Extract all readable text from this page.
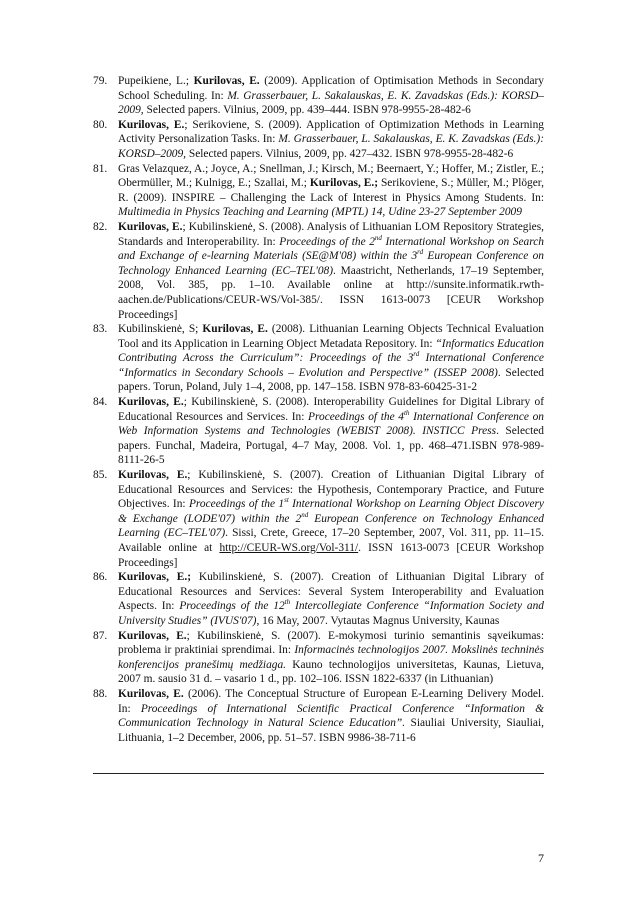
79. Pupeikiene, L.; Kurilovas, E. (2009). Application of Optimisation Methods in Secondary School Scheduling. In: M. Grasserbauer, L. Sakalauskas, E. K. Zavadskas (Eds.): KORSD–2009, Selected papers. Vilnius, 2009, pp. 439–444. ISBN 978-9955-28-482-6
80. Kurilovas, E.; Serikoviene, S. (2009). Application of Optimization Methods in Learning Activity Personalization Tasks. In: M. Grasserbauer, L. Sakalauskas, E. K. Zavadskas (Eds.): KORSD–2009, Selected papers. Vilnius, 2009, pp. 427–432. ISBN 978-9955-28-482-6
81. Gras Velazquez, A.; Joyce, A.; Snellman, J.; Kirsch, M.; Beernaert, Y.; Hoffer, M.; Zistler, E.; Obermüller, M.; Kulnigg, E.; Szallai, M.; Kurilovas, E.; Serikoviene, S.; Müller, M.; Plöger, R. (2009). INSPIRE – Challenging the Lack of Interest in Physics Among Students. In: Multimedia in Physics Teaching and Learning (MPTL) 14, Udine 23-27 September 2009
82. Kurilovas, E.; Kubilinskienė, S. (2008). Analysis of Lithuanian LOM Repository Strategies, Standards and Interoperability. In: Proceedings of the 2nd International Workshop on Search and Exchange of e-learning Materials (SE@M'08) within the 3rd European Conference on Technology Enhanced Learning (EC–TEL'08). Maastricht, Netherlands, 17–19 September, 2008, Vol. 385, pp. 1–10. Available online at http://sunsite.informatik.rwth-aachen.de/Publications/CEUR-WS/Vol-385/. ISSN 1613-0073 [CEUR Workshop Proceedings]
83. Kubilinskienė, S; Kurilovas, E. (2008). Lithuanian Learning Objects Technical Evaluation Tool and its Application in Learning Object Metadata Repository. In: “Informatics Education Contributing Across the Curriculum”: Proceedings of the 3rd International Conference “Informatics in Secondary Schools – Evolution and Perspective” (ISSEP 2008). Selected papers. Torun, Poland, July 1–4, 2008, pp. 147–158. ISBN 978-83-60425-31-2
84. Kurilovas, E.; Kubilinskienė, S. (2008). Interoperability Guidelines for Digital Library of Educational Resources and Services. In: Proceedings of the 4th International Conference on Web Information Systems and Technologies (WEBIST 2008). INSTICC Press. Selected papers. Funchal, Madeira, Portugal, 4–7 May, 2008. Vol. 1, pp. 468–471.ISBN 978-989-8111-26-5
85. Kurilovas, E.; Kubilinskienė, S. (2007). Creation of Lithuanian Digital Library of Educational Resources and Services: the Hypothesis, Contemporary Practice, and Future Objectives. In: Proceedings of the 1st International Workshop on Learning Object Discovery & Exchange (LODE'07) within the 2nd European Conference on Technology Enhanced Learning (EC–TEL'07). Sissi, Crete, Greece, 17–20 September, 2007, Vol. 311, pp. 11–15. Available online at http://CEUR-WS.org/Vol-311/. ISSN 1613-0073 [CEUR Workshop Proceedings]
86. Kurilovas, E.; Kubilinskienė, S. (2007). Creation of Lithuanian Digital Library of Educational Resources and Services: Several System Interoperability and Evaluation Aspects. In: Proceedings of the 12th Intercollegiate Conference “Information Society and University Studies” (IVUS'07), 16 May, 2007. Vytautas Magnus University, Kaunas
87. Kurilovas, E.; Kubilinskienė, S. (2007). E-mokymosi turinio semantinis sąveikumas: problema ir praktiniai sprendimai. In: Informacinės technologijos 2007. Mokslinės techninės konferencijos pranešimų medžiaga. Kauno technologijos universitetas, Kaunas, Lietuva, 2007 m. sausio 31 d. – vasario 1 d., pp. 102–106. ISSN 1822-6337 (in Lithuanian)
88. Kurilovas, E. (2006). The Conceptual Structure of European E-Learning Delivery Model. In: Proceedings of International Scientific Practical Conference “Information & Communication Technology in Natural Science Education”. Siauliai University, Siauliai, Lithuania, 1–2 December, 2006, pp. 51–57. ISBN 9986-38-711-6
7
